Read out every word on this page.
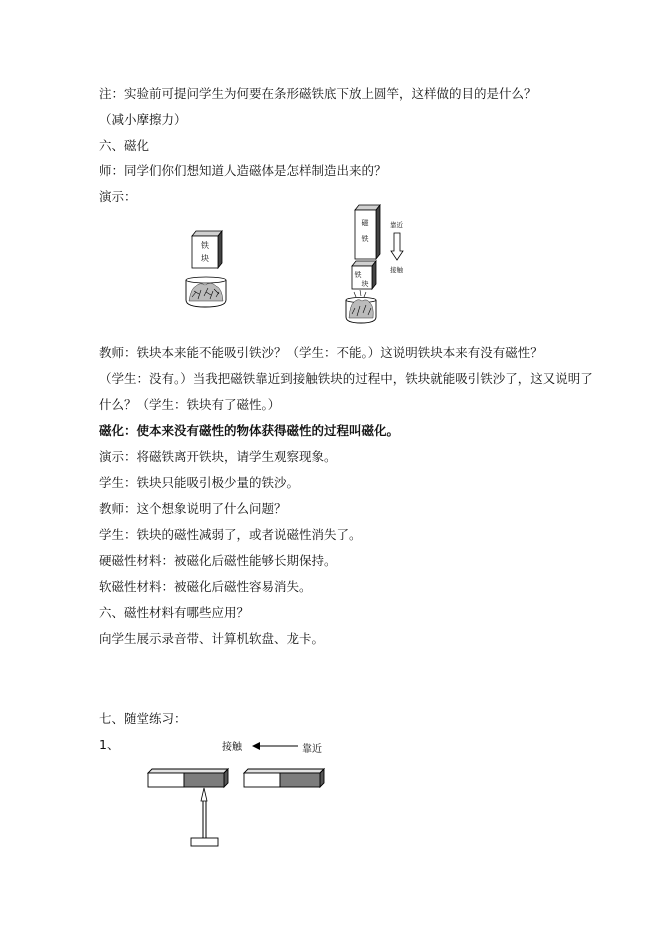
注：实验前可提问学生为何要在条形磁铁底下放上圆竿，这样做的目的是什么？

（减小摩擦力）

六、磁化

师：同学们你们想知道人造磁体是怎样制造出来的？

演示：

铁
块
磁
铁
铁
块
靠近
接触

教师：铁块本来能不能吸引铁沙？（学生：不能。）这说明铁块本来有没有磁性？

（学生：没有。）当我把磁铁靠近到接触铁块的过程中，铁块就能吸引铁沙了，这又说明了

什么？（学生：铁块有了磁性。）

磁化：使本来没有磁性的物体获得磁性的过程叫磁化。

演示：将磁铁离开铁块，请学生观察现象。

学生：铁块只能吸引极少量的铁沙。

教师：这个想象说明了什么问题？

学生：铁块的磁性减弱了，或者说磁性消失了。

硬磁性材料：被磁化后磁性能够长期保持。

软磁性材料：被磁化后磁性容易消失。

六、磁性材料有哪些应用？

向学生展示录音带、计算机软盘、龙卡。

七、随堂练习：

1、	接触	靠近
